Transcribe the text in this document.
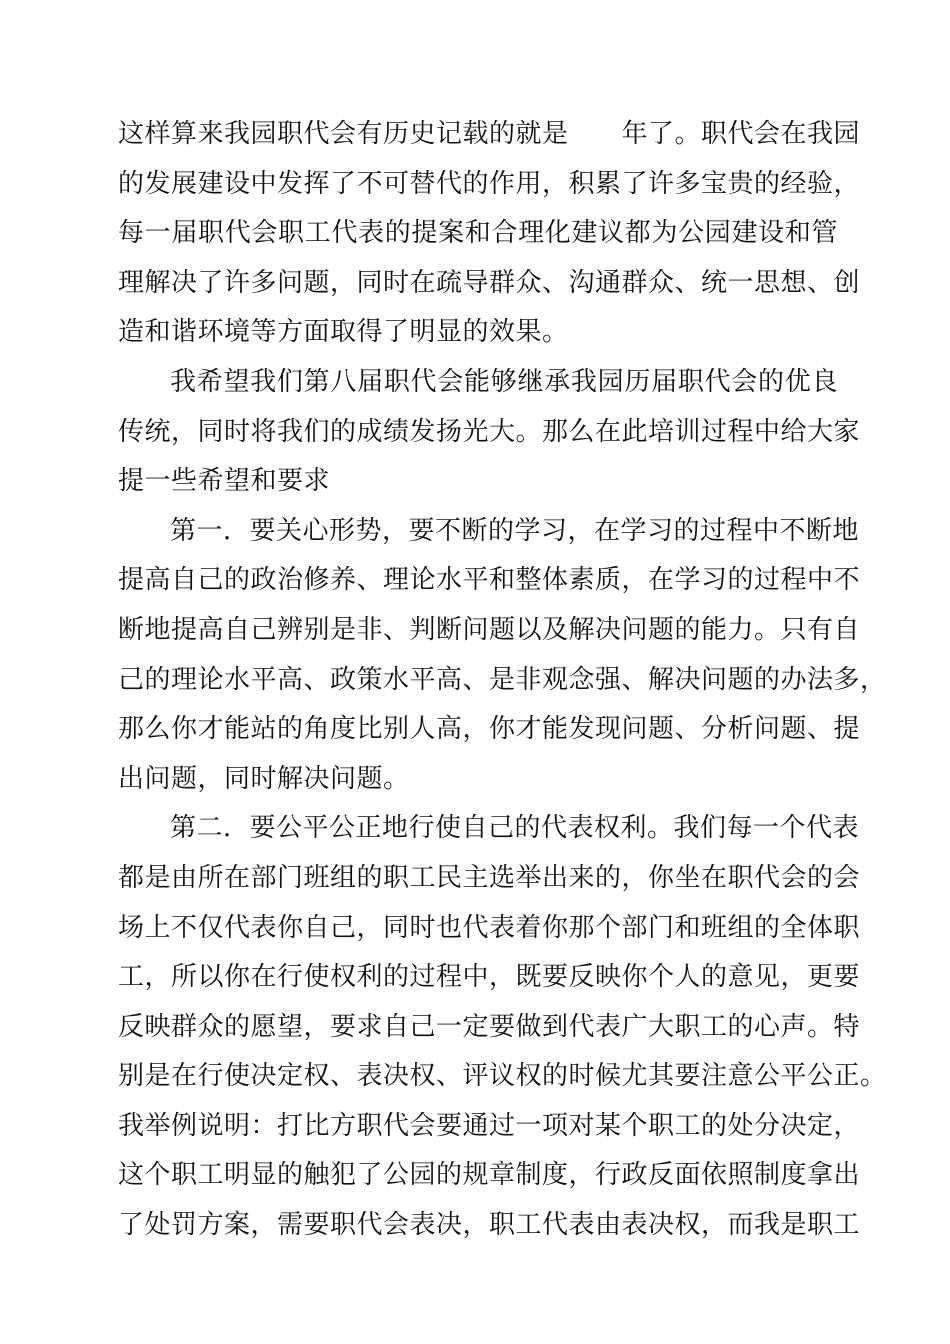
这样算来我园职代会有历史记载的就是　　年了。职代会在我园
的发展建设中发挥了不可替代的作用，积累了许多宝贵的经验，
每一届职代会职工代表的提案和合理化建议都为公园建设和管
理解决了许多问题，同时在疏导群众、沟通群众、统一思想、创
造和谐环境等方面取得了明显的效果。
我希望我们第八届职代会能够继承我园历届职代会的优良
传统，同时将我们的成绩发扬光大。那么在此培训过程中给大家
提一些希望和要求
第一．要关心形势，要不断的学习，在学习的过程中不断地
提高自己的政治修养、理论水平和整体素质，在学习的过程中不
断地提高自己辨别是非、判断问题以及解决问题的能力。只有自
己的理论水平高、政策水平高、是非观念强、解决问题的办法多，
那么你才能站的角度比别人高，你才能发现问题、分析问题、提
出问题，同时解决问题。
第二．要公平公正地行使自己的代表权利。我们每一个代表
都是由所在部门班组的职工民主选举出来的，你坐在职代会的会
场上不仅代表你自己，同时也代表着你那个部门和班组的全体职
工，所以你在行使权利的过程中，既要反映你个人的意见，更要
反映群众的愿望，要求自己一定要做到代表广大职工的心声。特
别是在行使决定权、表决权、评议权的时候尤其要注意公平公正。
我举例说明：打比方职代会要通过一项对某个职工的处分决定，
这个职工明显的触犯了公园的规章制度，行政反面依照制度拿出
了处罚方案，需要职代会表决，职工代表由表决权，而我是职工
